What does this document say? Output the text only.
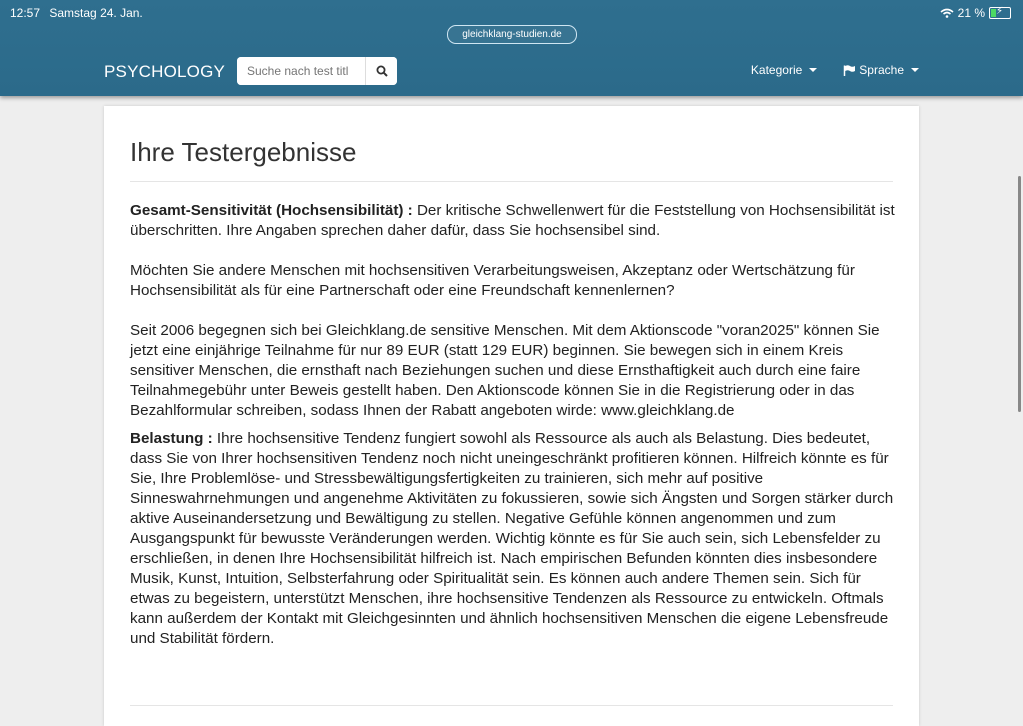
12:57 Samstag 24. Jan.	21 % ⚡
gleichklang-studien.de
PSYCHOLOGY
Suche nach test titl	Kategorie	Sprache
Ihre Testergebnisse

Gesamt-Sensitivität (Hochsensibilität) : Der kritische Schwellenwert für die Feststellung von Hochsensibilität ist überschritten. Ihre Angaben sprechen daher dafür, dass Sie hochsensibel sind.

Möchten Sie andere Menschen mit hochsensitiven Verarbeitungsweisen, Akzeptanz oder Wertschätzung für Hochsensibilität als für eine Partnerschaft oder eine Freundschaft kennenlernen?

Seit 2006 begegnen sich bei Gleichklang.de sensitive Menschen. Mit dem Aktionscode "voran2025" können Sie jetzt eine einjährige Teilnahme für nur 89 EUR (statt 129 EUR) beginnen. Sie bewegen sich in einem Kreis sensitiver Menschen, die ernsthaft nach Beziehungen suchen und diese Ernsthaftigkeit auch durch eine faire Teilnahmegebühr unter Beweis gestellt haben. Den Aktionscode können Sie in die Registrierung oder in das Bezahlformular schreiben, sodass Ihnen der Rabatt angeboten wirde: www.gleichklang.de

Belastung : Ihre hochsensitive Tendenz fungiert sowohl als Ressource als auch als Belastung. Dies bedeutet, dass Sie von Ihrer hochsensitiven Tendenz noch nicht uneingeschränkt profitieren können. Hilfreich könnte es für Sie, Ihre Problemlöse- und Stressbewältigungsfertigkeiten zu trainieren, sich mehr auf positive Sinneswahrnehmungen und angenehme Aktivitäten zu fokussieren, sowie sich Ängsten und Sorgen stärker durch aktive Auseinandersetzung und Bewältigung zu stellen. Negative Gefühle können angenommen und zum Ausgangspunkt für bewusste Veränderungen werden. Wichtig könnte es für Sie auch sein, sich Lebensfelder zu erschließen, in denen Ihre Hochsensibilität hilfreich ist. Nach empirischen Befunden könnten dies insbesondere Musik, Kunst, Intuition, Selbsterfahrung oder Spiritualität sein. Es können auch andere Themen sein. Sich für etwas zu begeistern, unterstützt Menschen, ihre hochsensitive Tendenzen als Ressource zu entwickeln. Oftmals kann außerdem der Kontakt mit Gleichgesinnten und ähnlich hochsensitiven Menschen die eigene Lebensfreude und Stabilität fördern.
